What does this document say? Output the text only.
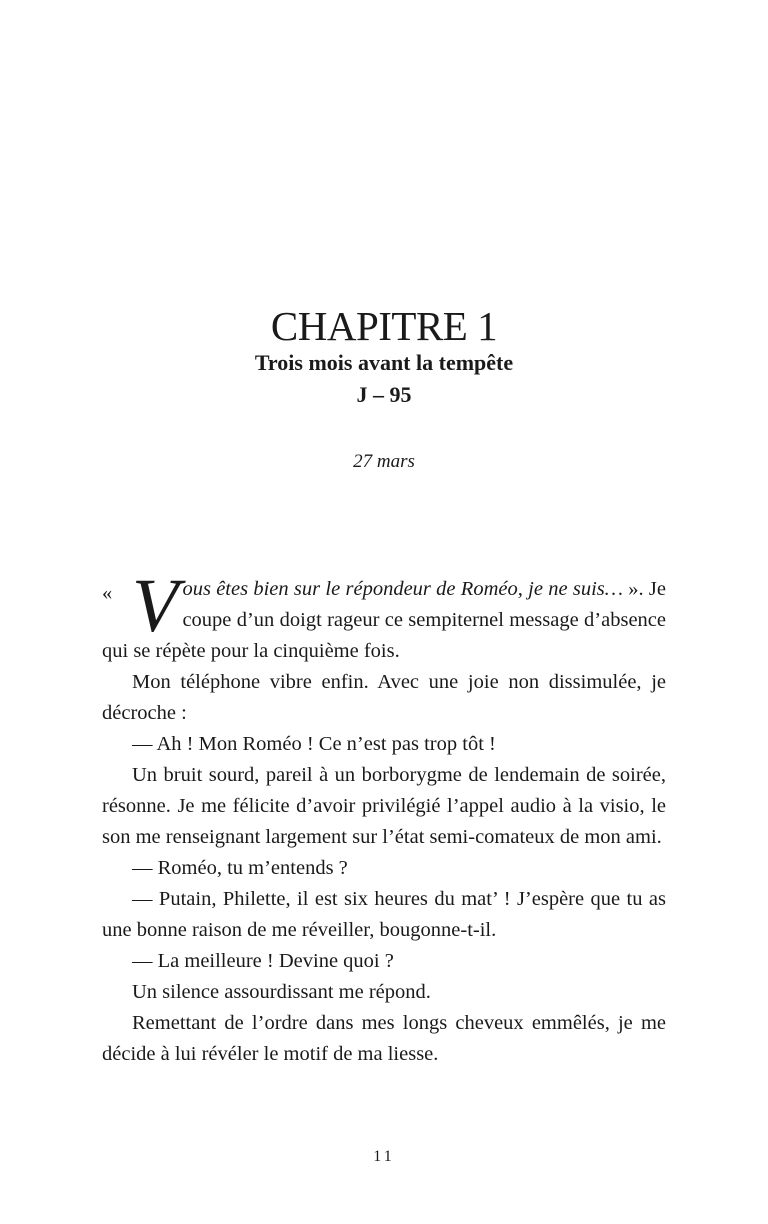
CHAPITRE 1
Trois mois avant la tempête
J – 95

27 mars

« V ous êtes bien sur le répondeur de Roméo, je ne suis… ». Je coupe d’un doigt rageur ce sempiternel message d’absence qui se répète pour la cinquième fois.

Mon téléphone vibre enfin. Avec une joie non dissimulée, je décroche :

— Ah ! Mon Roméo ! Ce n’est pas trop tôt !

Un bruit sourd, pareil à un borborygme de lendemain de soirée, résonne. Je me félicite d’avoir privilégié l’appel audio à la visio, le son me renseignant largement sur l’état semi-comateux de mon ami.

— Roméo, tu m’entends ?

— Putain, Philette, il est six heures du mat’ ! J’espère que tu as une bonne raison de me réveiller, bougonne-t-il.

— La meilleure ! Devine quoi ?

Un silence assourdissant me répond.

Remettant de l’ordre dans mes longs cheveux emmêlés, je me décide à lui révéler le motif de ma liesse.

11
